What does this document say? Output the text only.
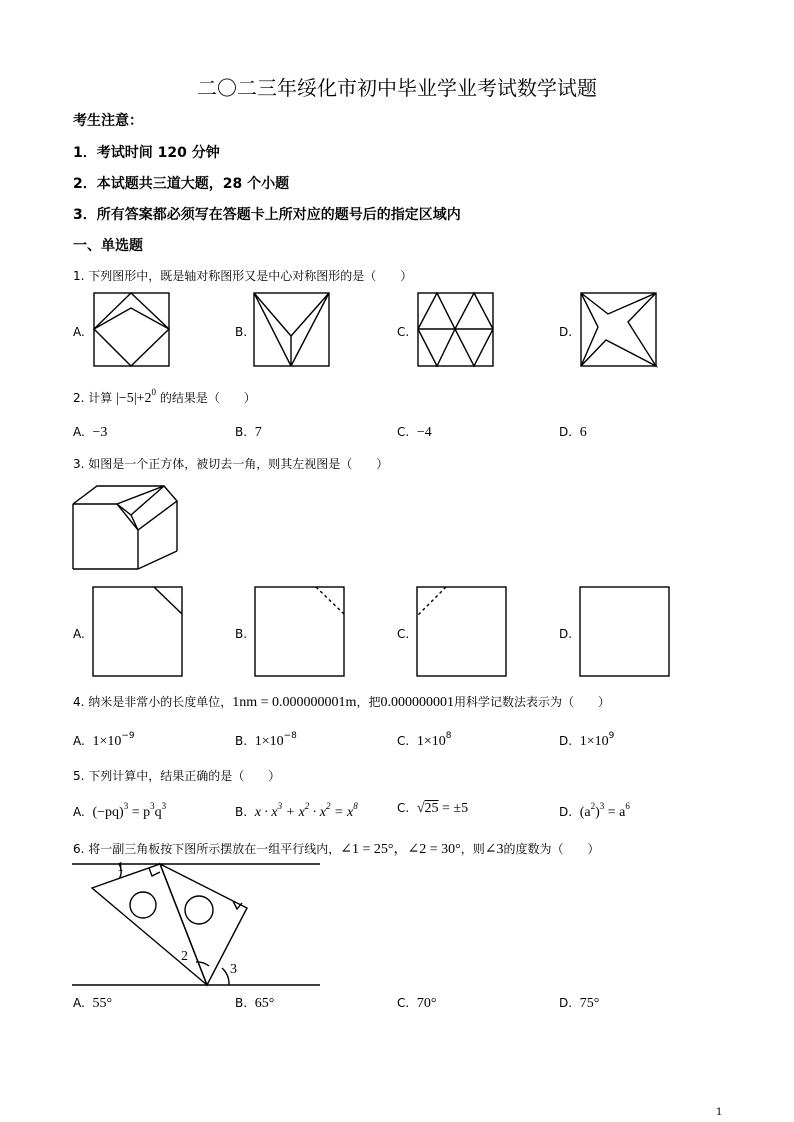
二〇二三年绥化市初中毕业学业考试数学试题
考生注意：
1．考试时间 120 分钟
2．本试题共三道大题，28 个小题
3．所有答案都必须写在答题卡上所对应的题号后的指定区域内
一、单选题
1. 下列图形中，既是轴对称图形又是中心对称图形的是（　　）
A.	B.	C.	D.
2. 计算 $|-5|+2^0$ 的结果是（　　）
A. −3	B. 7	C. −4	D. 6
3. 如图是一个正方体，被切去一角，则其左视图是（　　）
A.	B.	C.	D.
4. 纳米是非常小的长度单位，1nm = 0.000000001m，把0.000000001用科学记数法表示为（　　）
A. $1\times 10^{-9}$	B. $1\times 10^{-8}$	C. $1\times 10^8$	D. $1\times 10^9$
5. 下列计算中，结果正确的是（　　）
A. $(-pq)^3 = p^3q^3$	B. $x \cdot x^3 + x^2 \cdot x^2 = x^8$	C. √25 = ±5	D. $(a^2)^3 = a^6$
6. 将一副三角板按下图所示摆放在一组平行线内，∠1 = 25°，∠2 = 30°，则∠3的度数为（　　）
1
2
3
A. 55°	B. 65°	C. 70°	D. 75°
1
